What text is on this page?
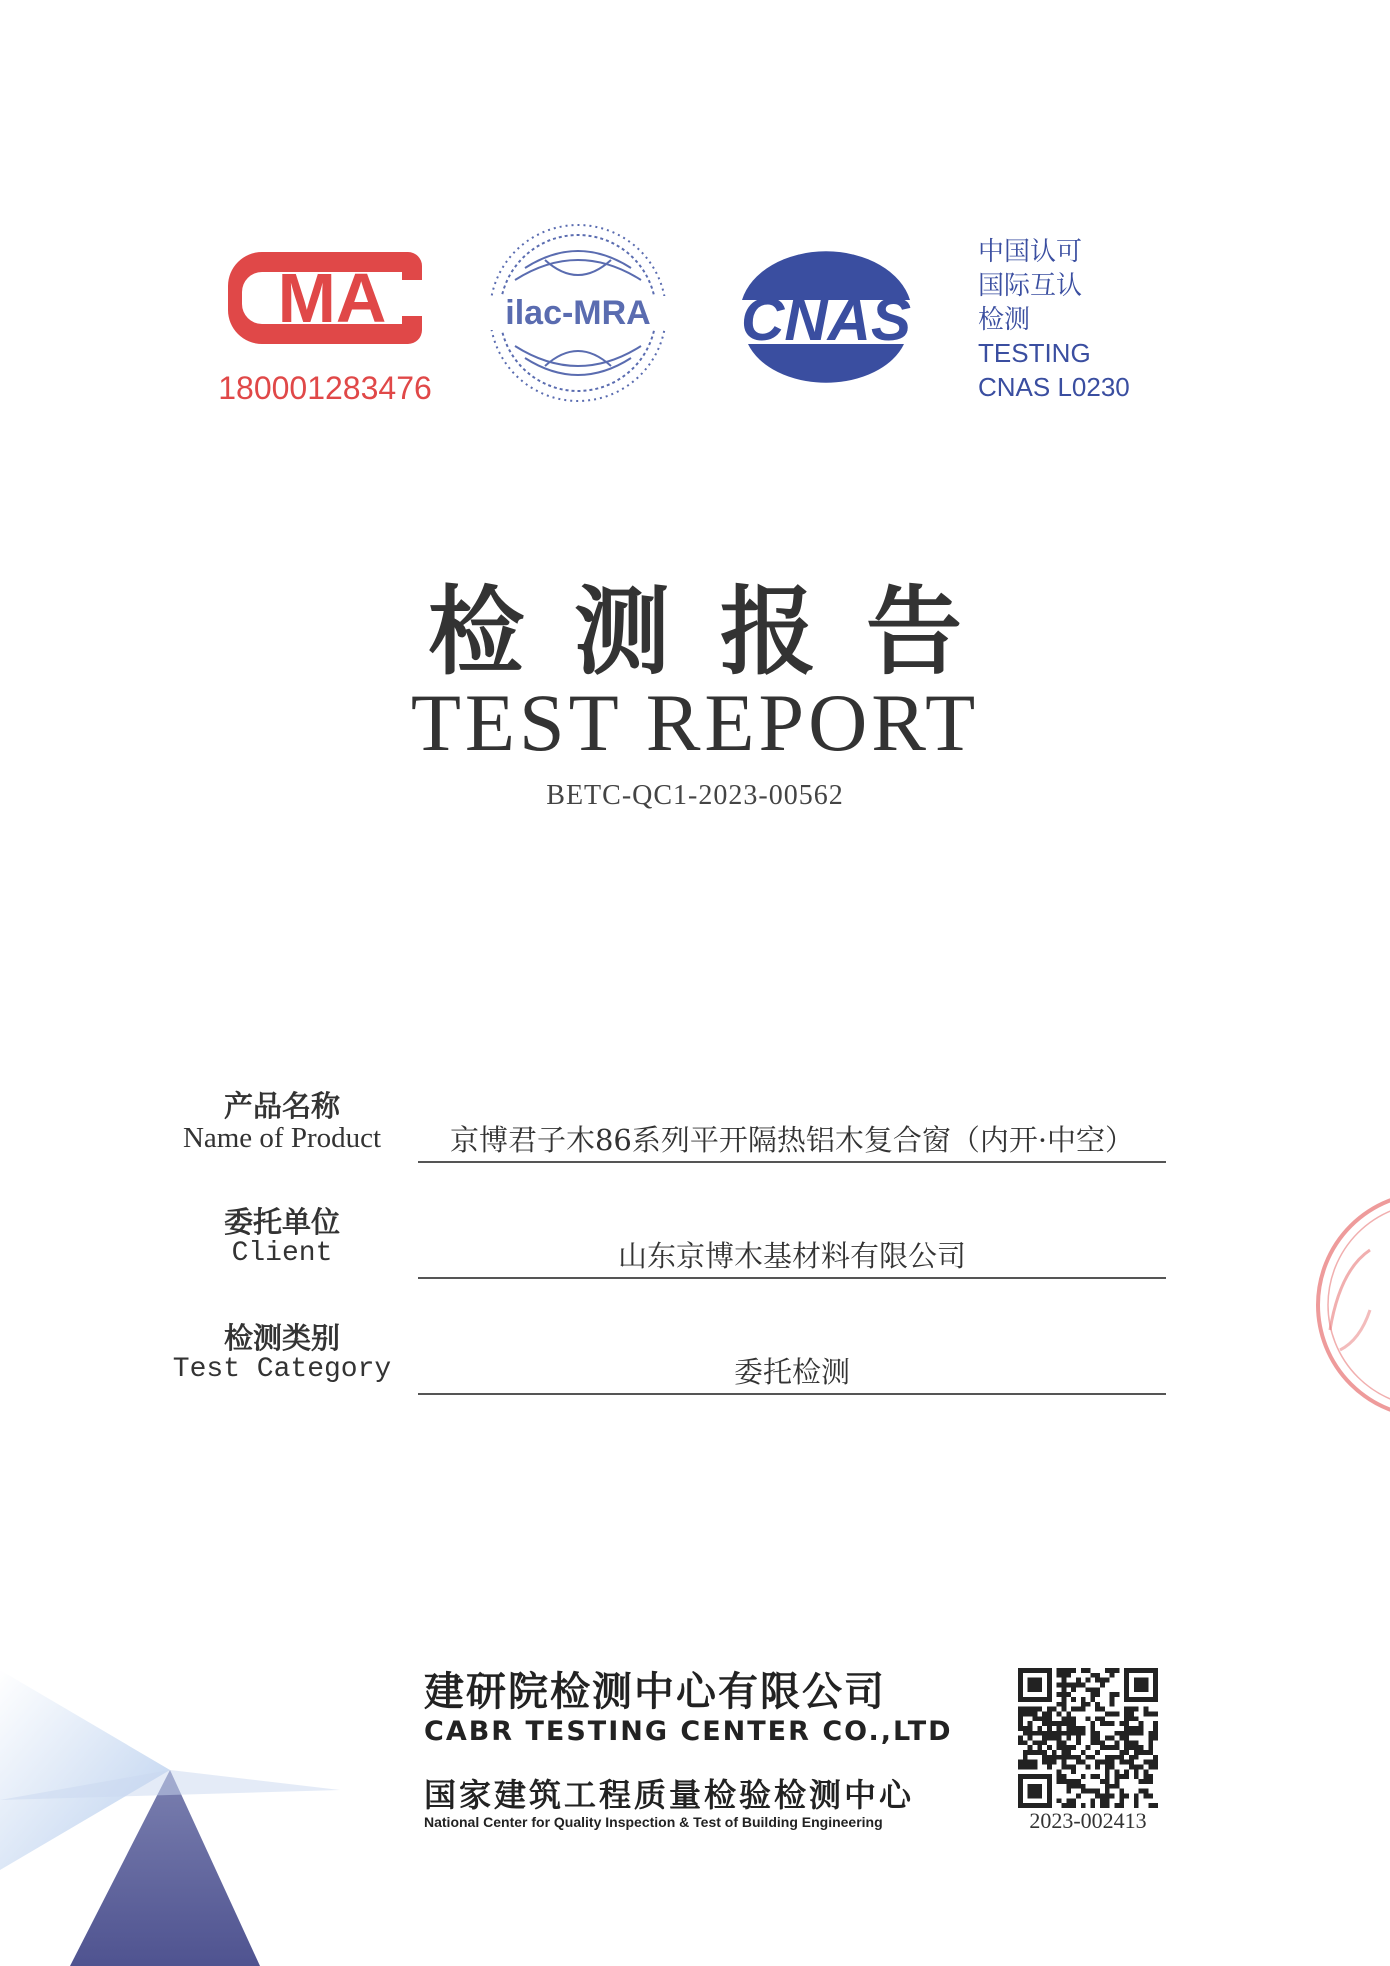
MA
180001283476
ilac-MRA CNAS
中国认可
国际互认
检测
TESTING
CNAS L0230
检测报告
TEST REPORT
BETC-QC1-2023-00562
产品名称
Name of Product	京博君子木86系列平开隔热铝木复合窗（内开·中空）
委托单位
Client	山东京博木基材料有限公司
检测类别
Test Category	委托检测
建研院检测中心有限公司
CABR TESTING CENTER CO.,LTD
国家建筑工程质量检验检测中心
National Center for Quality Inspection & Test of Building Engineering	2023-002413
